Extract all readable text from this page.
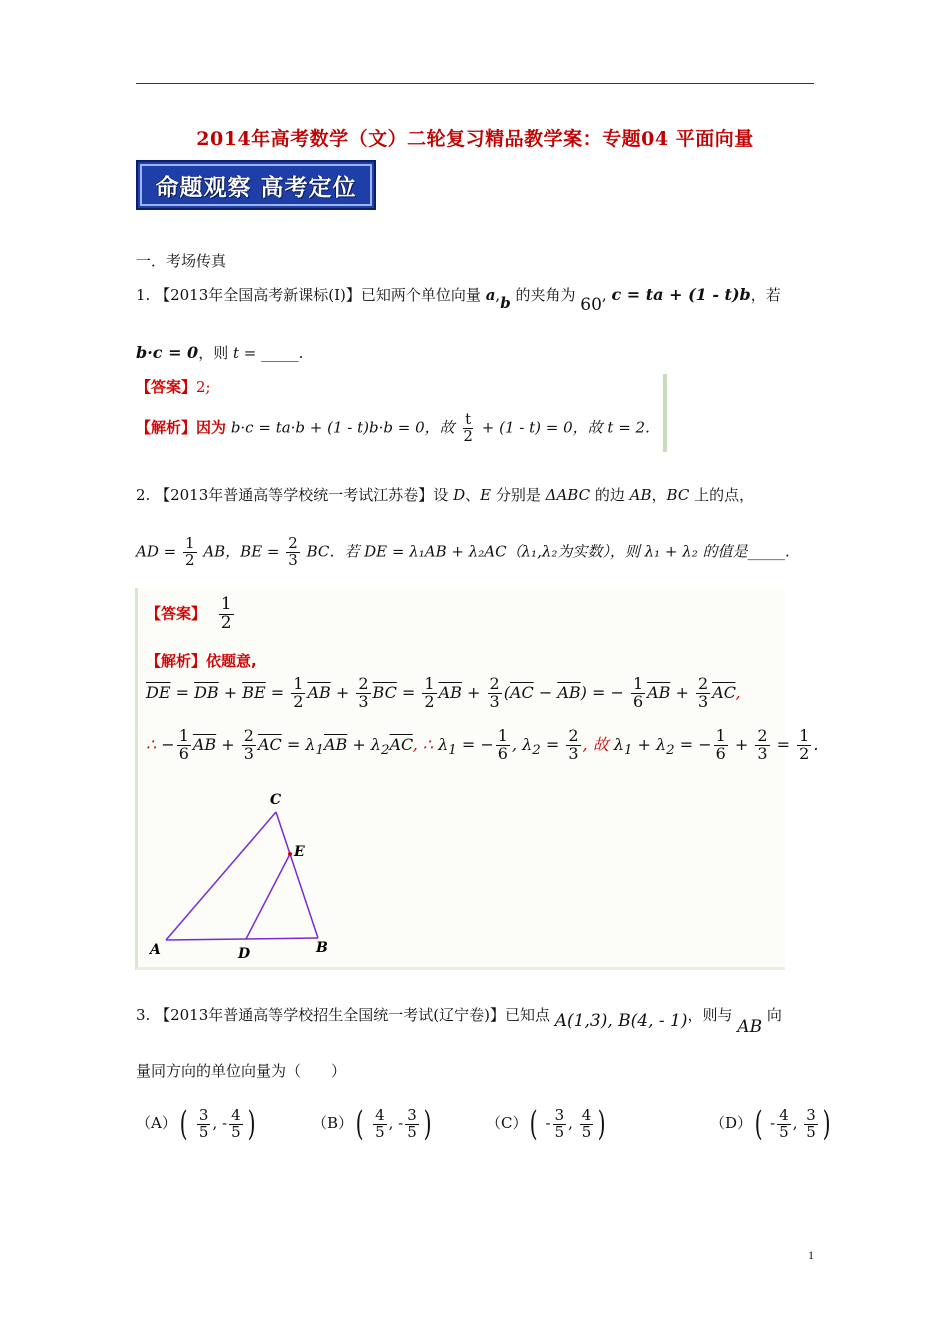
2014年高考数学（文）二轮复习精品教学案：专题04 平面向量
命题观察 高考定位
一．考场传真
1. 【2013年全国高考新课标(I)】已知两个单位向量 a,b 的夹角为 60, c = ta + (1 - t)b，若
b·c = 0，则 t = _____.
【答案】2;
【解析】因为 b·c = ta·b + (1 - t)b·b = 0，故 $\frac{t}{2} + (1 - t) = 0$，故 t = 2.
2. 【2013年普通高等学校统一考试江苏卷】设 D、E 分别是 ΔABC 的边 AB，BC 上的点，
AD = $\frac{1}{2}$ AB，BE = $\frac{2}{3}$ BC．若 DE = λ₁AB + λ₂AC（λ₁,λ₂为实数），则 λ₁ + λ₂ 的值是_____.
【答案】 $\frac{1}{2}$
【解析】依题意,
$\overline{DE} = \overline{DB} + \overline{BE} = \frac{1}{2} \overline{AB} + \frac{2}{3} \overline{BC} = \frac{1}{2} \overline{AB} + \frac{2}{3} (\overline{AC} - \overline{AB})$ = − $\frac{1}{6} \overline{AB} + \frac{2}{3} \overline{AC}$,
∴ − $\frac{1}{6} \overline{AB} + \frac{2}{3} \overline{AC} = \lambda_1\overline{AB} + \lambda_2\overline{AC}$, ∴ $\lambda_1$ = − $\frac{1}{6}$ , $\lambda_2 = \frac{2}{3}$ , 故 $\lambda_1 + \lambda_2$ = − $\frac{1}{6} + \frac{2}{3} = \frac{1}{2}$ .
A	B
C
D
E
3. 【2013年普通高等学校招生全国统一考试(辽宁卷)】已知点 A(1,3), B(4, - 1)，则与 AB 向
量同方向的单位向量为（　　）
$(A)( \frac{3}{5}$ , - $\frac{4}{5}$ )	$(B)( \frac{4}{5}$ , - $\frac{3}{5}$ )	$(C)( - \frac{3}{5}$ , $\frac{4}{5}$ )	$(D)( - \frac{4}{5}$ , $\frac{3}{5}$ )
1
